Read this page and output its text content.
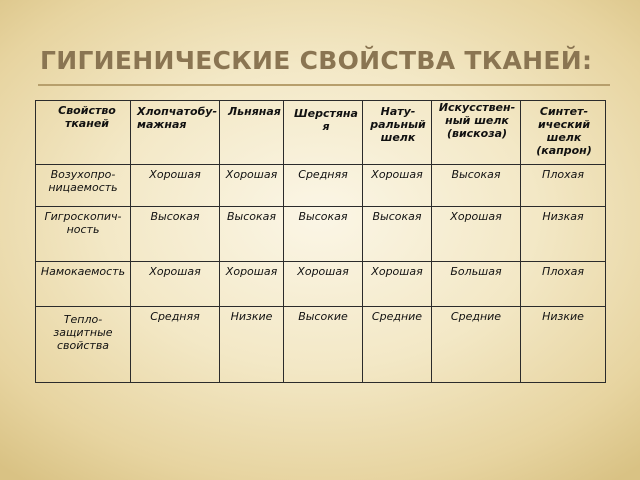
ГИГИЕНИЧЕСКИЕ СВОЙСТВА ТКАНЕЙ:
Свойство тканей	Хлопчатобу-мажная	Льняная	Шерстяна я	Нату-ральный шелк	Искусствен-ный шелк (вискоза)	Синтет-ический шелк (капрон)

Возухопро-ницаемость	Хорошая	Хорошая	Средняя	Хорошая	Высокая	Плохая

Гигроскопич-ность	Высокая	Высокая	Высокая	Высокая	Хорошая	Низкая

Намокаемость	Хорошая	Хорошая	Хорошая	Хорошая	Большая	Плохая

Тепло-защитные свойства	Средняя	Низкие	Высокие	Средние	Средние	Низкие
